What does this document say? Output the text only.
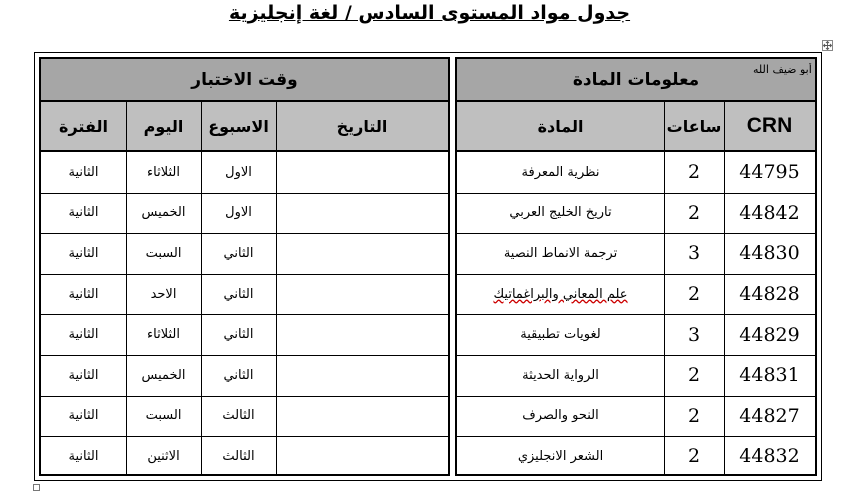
جدول مواد المستوى السادس / لغة إنجليزية
وقت الاختبار
الفترة	اليوم	الاسبوع	التاريخ
الثانية	الثلاثاء	الاول
الثانية	الخميس	الاول
الثانية	السبت	الثاني
الثانية	الاحد	الثاني
الثانية	الثلاثاء	الثاني
الثانية	الخميس	الثاني
الثانية	السبت	الثالث
الثانية	الاثنين	الثالث
معلومات المادة
أبو ضيف الله
المادة	ساعات	CRN
نظرية المعرفة	2	44795
تاريخ الخليج العربي	2	44842
ترجمة الانماط النصية	3	44830
علم المعاني والبراغماتيك	2	44828
لغويات تطبيقية	3	44829
الرواية الحديثة	2	44831
النحو والصرف	2	44827
الشعر الانجليزي	2	44832
